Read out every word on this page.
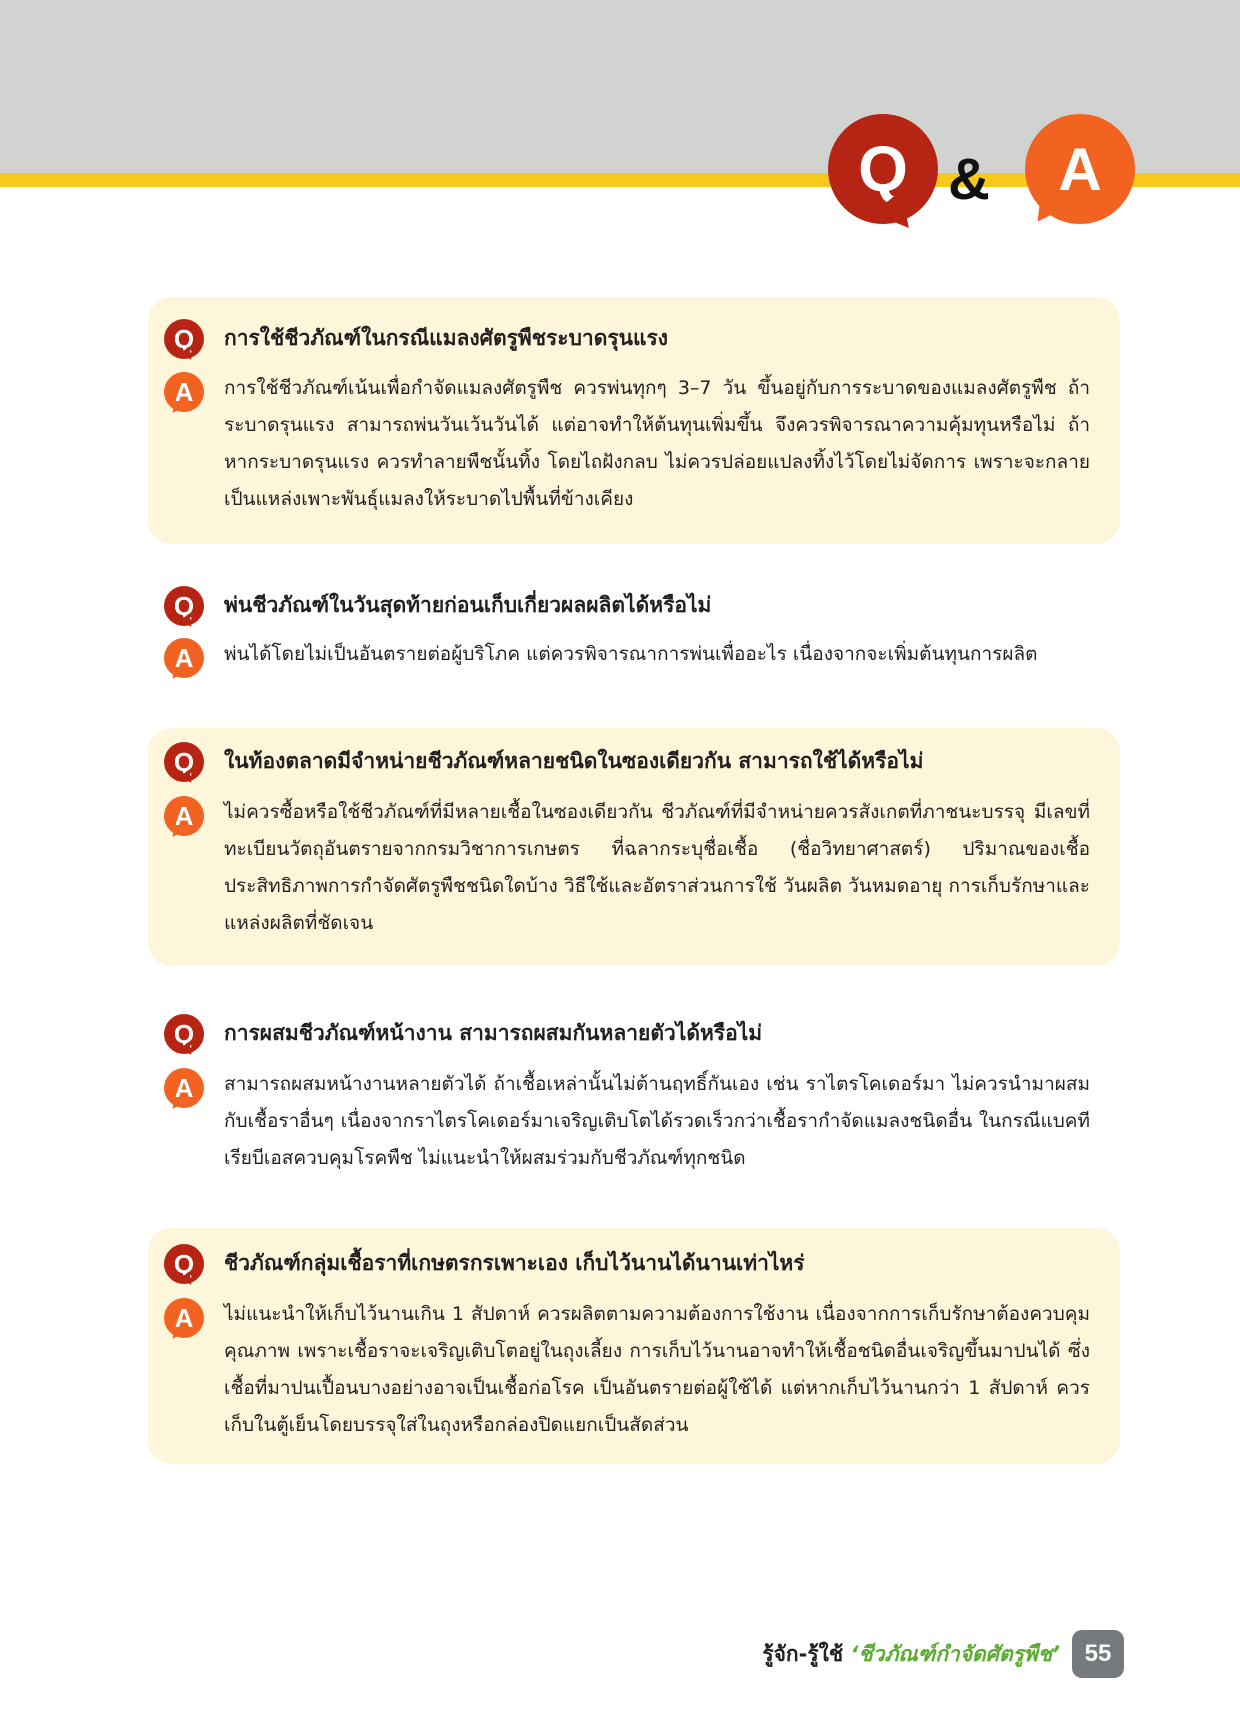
Q &	A
Q	การใช้ชีวภัณฑ์ในกรณีแมลงศัตรูพืชระบาดรุนแรง
A	การใช้ชีวภัณฑ์เน้นเพื่อกำจัดแมลงศัตรูพืช ควรพ่นทุกๆ 3–7 วัน ขึ้นอยู่กับการระบาดของแมลงศัตรูพืช ถ้าระบาดรุนแรง สามารถพ่นวันเว้นวันได้ แต่อาจทำให้ต้นทุนเพิ่มขึ้น จึงควรพิจารณาความคุ้มทุนหรือไม่ ถ้าหากระบาดรุนแรง ควรทำลายพืชนั้นทิ้ง โดยไถฝังกลบ ไม่ควรปล่อยแปลงทิ้งไว้โดยไม่จัดการ เพราะจะกลายเป็นแหล่งเพาะพันธุ์แมลงให้ระบาดไปพื้นที่ข้างเคียง
Q	พ่นชีวภัณฑ์ในวันสุดท้ายก่อนเก็บเกี่ยวผลผลิตได้หรือไม่
A	พ่นได้โดยไม่เป็นอันตรายต่อผู้บริโภค แต่ควรพิจารณาการพ่นเพื่ออะไร เนื่องจากจะเพิ่มต้นทุนการผลิต
Q	ในท้องตลาดมีจำหน่ายชีวภัณฑ์หลายชนิดในซองเดียวกัน สามารถใช้ได้หรือไม่
A	ไม่ควรซื้อหรือใช้ชีวภัณฑ์ที่มีหลายเชื้อในซองเดียวกัน ชีวภัณฑ์ที่มีจำหน่ายควรสังเกตที่ภาชนะบรรจุ มีเลขที่ทะเบียนวัตถุอันตรายจากกรมวิชาการเกษตร ที่ฉลากระบุชื่อเชื้อ (ชื่อวิทยาศาสตร์) ปริมาณของเชื้อประสิทธิภาพการกำจัดศัตรูพืชชนิดใดบ้าง วิธีใช้และอัตราส่วนการใช้ วันผลิต วันหมดอายุ การเก็บรักษาและแหล่งผลิตที่ชัดเจน
Q	การผสมชีวภัณฑ์หน้างาน สามารถผสมกันหลายตัวได้หรือไม่
A	สามารถผสมหน้างานหลายตัวได้ ถ้าเชื้อเหล่านั้นไม่ต้านฤทธิ์กันเอง เช่น ราไตรโคเดอร์มา ไม่ควรนำมาผสมกับเชื้อราอื่นๆ เนื่องจากราไตรโคเดอร์มาเจริญเติบโตได้รวดเร็วกว่าเชื้อรากำจัดแมลงชนิดอื่น ในกรณีแบคทีเรียบีเอสควบคุมโรคพืช ไม่แนะนำให้ผสมร่วมกับชีวภัณฑ์ทุกชนิด
Q	ชีวภัณฑ์กลุ่มเชื้อราที่เกษตรกรเพาะเอง เก็บไว้นานได้นานเท่าไหร่
A	ไม่แนะนำให้เก็บไว้นานเกิน 1 สัปดาห์ ควรผลิตตามความต้องการใช้งาน เนื่องจากการเก็บรักษาต้องควบคุมคุณภาพ เพราะเชื้อราจะเจริญเติบโตอยู่ในถุงเลี้ยง การเก็บไว้นานอาจทำให้เชื้อชนิดอื่นเจริญขึ้นมาปนได้ ซึ่งเชื้อที่มาปนเปื้อนบางอย่างอาจเป็นเชื้อก่อโรค เป็นอันตรายต่อผู้ใช้ได้ แต่หากเก็บไว้นานกว่า 1 สัปดาห์ ควรเก็บในตู้เย็นโดยบรรจุใส่ในถุงหรือกล่องปิดแยกเป็นสัดส่วน
รู้จัก-รู้ใช้ ‘ชีวภัณฑ์กำจัดศัตรูพืช’	55
